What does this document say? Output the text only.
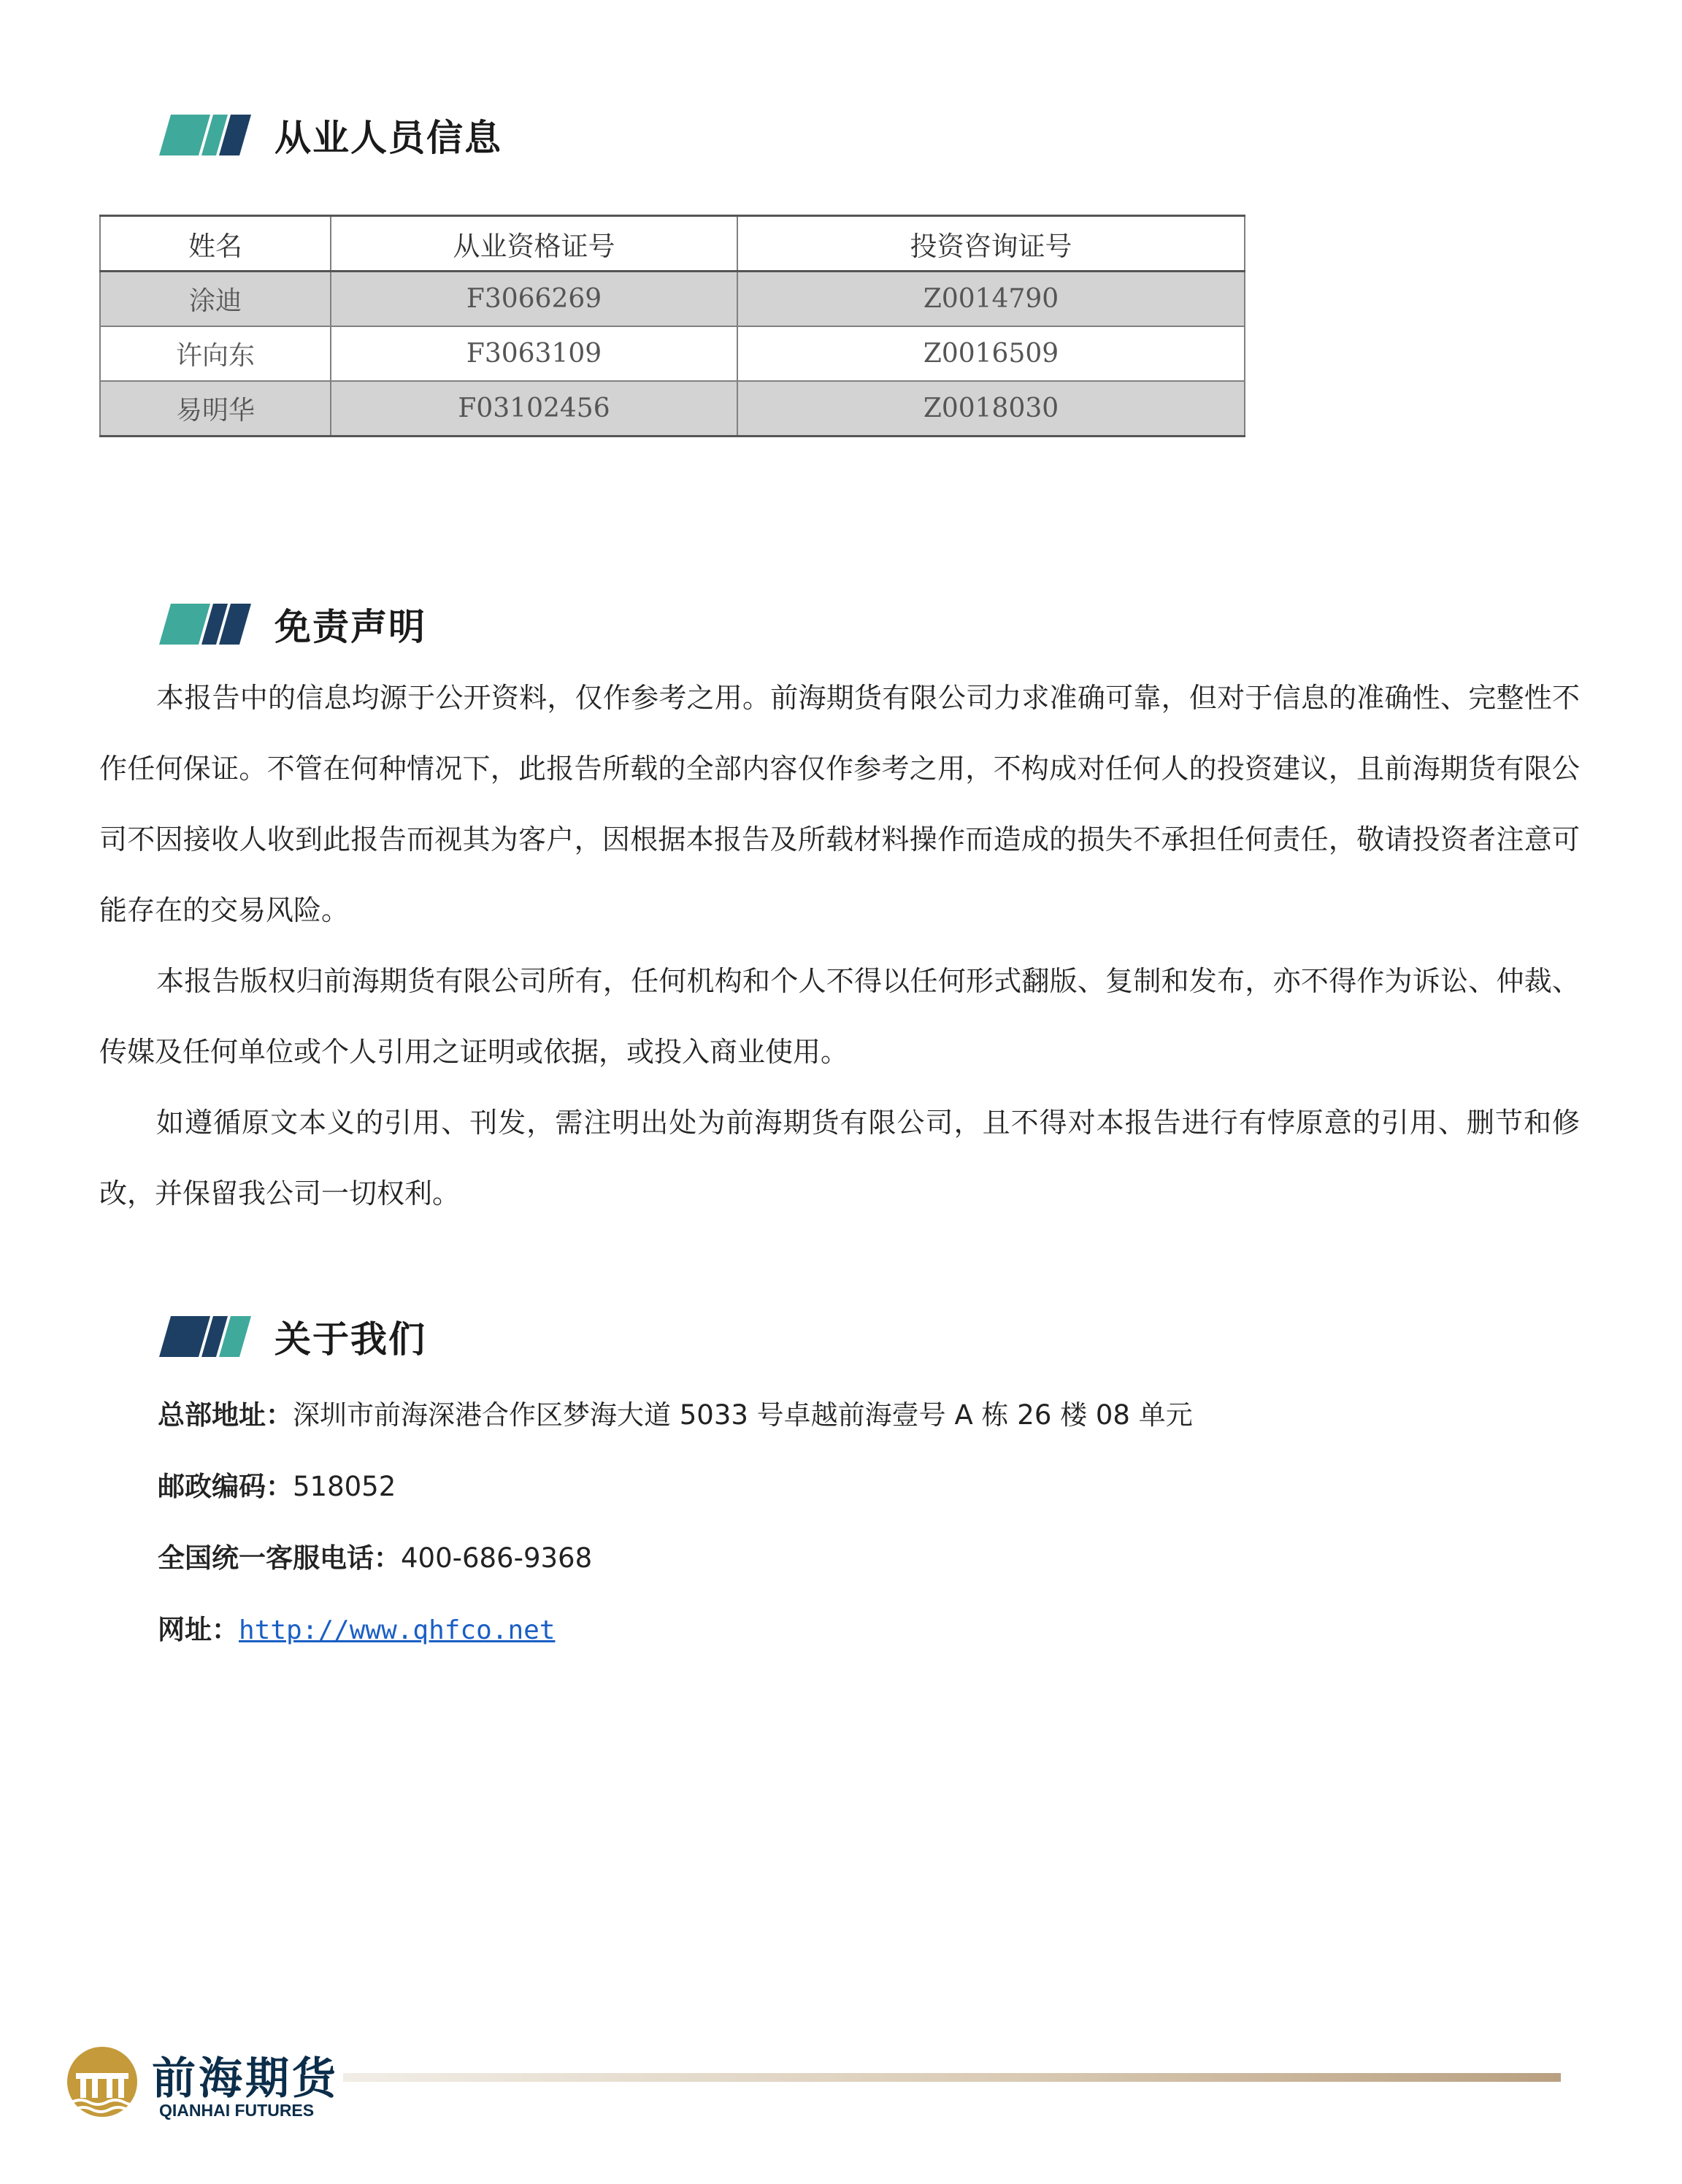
从业人员信息
姓名	从业资格证号	投资咨询证号
涂迪	F3066269	Z0014790
许向东	F3063109	Z0016509
易明华	F03102456	Z0018030
免责声明

本报告中的信息均源于公开资料，仅作参考之用。前海期货有限公司力求准确可靠，但对于信息的准确性、完整性不作任何保证。不管在何种情况下，此报告所载的全部内容仅作参考之用，不构成对任何人的投资建议，且前海期货有限公司不因接收人收到此报告而视其为客户，因根据本报告及所载材料操作而造成的损失不承担任何责任，敬请投资者注意可能存在的交易风险。

本报告版权归前海期货有限公司所有，任何机构和个人不得以任何形式翻版、复制和发布，亦不得作为诉讼、仲裁、传媒及任何单位或个人引用之证明或依据，或投入商业使用。

如遵循原文本义的引用、刊发，需注明出处为前海期货有限公司，且不得对本报告进行有悖原意的引用、删节和修改，并保留我公司一切权利。

关于我们
总部地址：深圳市前海深港合作区梦海大道 5033 号卓越前海壹号 A 栋 26 楼 08 单元
邮政编码：518052
全国统一客服电话：400-686-9368
网址：http://www.qhfco.net
前海期货
QIANHAI FUTURES
